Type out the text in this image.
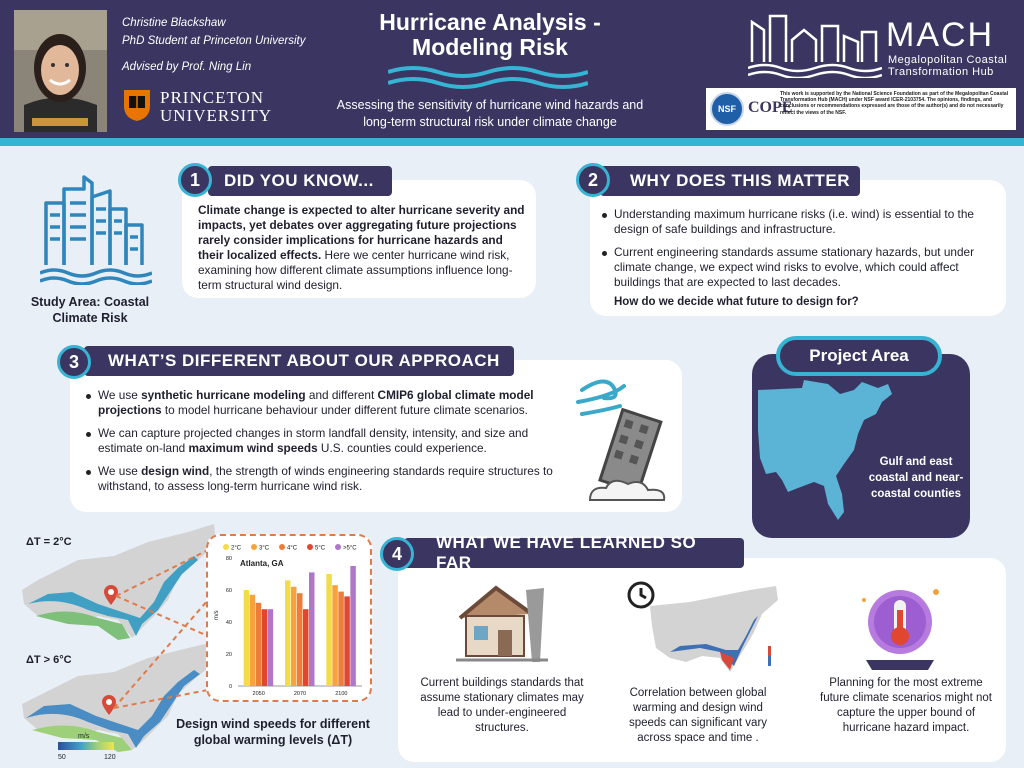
Christine Blackshaw
PhD Student at Princeton University
Advised by Prof. Ning Lin
PRINCETON
UNIVERSITY
Hurricane Analysis -
Modeling Risk
Assessing the sensitivity of hurricane wind hazards and long-term structural risk under climate change
MACH
Megalopolitan Coastal
Transformation Hub
NSF COPE
This work is supported by the National Science Foundation as part of the Megalopolitan Coastal Transformation Hub (MACH) under NSF award ICER-2103754. The opinions, findings, and conclusions or recommendations expressed are those of the author(s) and do not necessarily reflect the views of the NSF.
Study Area: Coastal Climate Risk
DID YOU KNOW...
1
Climate change is expected to alter hurricane severity and impacts, yet debates over aggregating future projections rarely consider implications for hurricane hazards and their localized effects. Here we center hurricane wind risk, examining how different climate assumptions influence long-term structural wind design.
WHY DOES THIS MATTER
2
Understanding maximum hurricane risks (i.e. wind) is essential to the design of safe buildings and infrastructure.
Current engineering standards assume stationary hazards, but under climate change, we expect wind risks to evolve, which could affect buildings that are expected to last decades.
How do we decide what future to design for?
WHAT’S DIFFERENT ABOUT OUR APPROACH
3
We use synthetic hurricane modeling and different CMIP6 global climate model projections to model hurricane behaviour under different future climate scenarios.
We can capture projected changes in storm landfall density, intensity, and size and estimate on-land maximum wind speeds U.S. counties could experience.
We use design wind, the strength of winds engineering standards require structures to withstand, to assess long-term hurricane wind risk.
Project Area
Gulf and east coastal and near-coastal counties
ΔT = 2°C
ΔT > 6°C
m/s
50	120
2°C	3°C	4°C	5°C	>5°C
Atlanta, GA
0
20
40
60
80
m/s
2050	2070	2100
Design wind speeds for different global warming levels (ΔT)
WHAT WE HAVE LEARNED SO FAR
4
Current buildings standards that assume stationary climates may lead to under-engineered structures.
Correlation between global warming and design wind speeds can significant vary across space and time .
Planning for the most extreme future climate scenarios might not capture the upper bound of hurricane hazard impact.
